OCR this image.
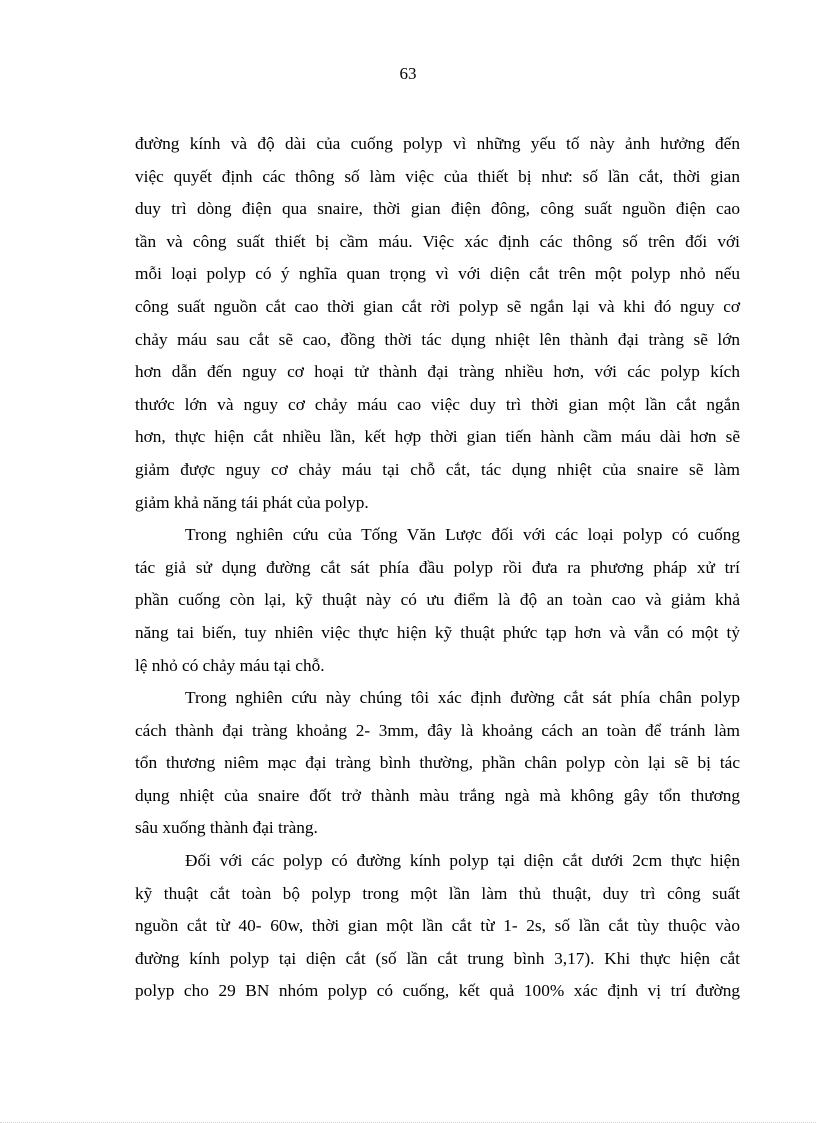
63
đường kính và độ dài của cuống polyp vì những yếu tố này ảnh hưởng đến
việc quyết định các thông số làm việc của thiết bị như: số lần cắt, thời gian
duy trì dòng điện qua snaire, thời gian điện đông, công suất nguồn điện cao
tần và công suất thiết bị cầm máu. Việc xác định các thông số trên đối với
mỗi loại polyp có ý nghĩa quan trọng vì với diện cắt trên một polyp nhỏ nếu
công suất nguồn cắt cao thời gian cắt rời polyp sẽ ngắn lại và khi đó nguy cơ
chảy máu sau cắt sẽ cao, đồng thời tác dụng nhiệt lên thành đại tràng sẽ lớn
hơn dẫn đến nguy cơ hoại tử thành đại tràng nhiều hơn, với các polyp kích
thước lớn và nguy cơ chảy máu cao việc duy trì thời gian một lần cắt ngắn
hơn, thực hiện cắt nhiều lần, kết hợp thời gian tiến hành cầm máu dài hơn sẽ
giảm được nguy cơ chảy máu tại chỗ cắt, tác dụng nhiệt của snaire sẽ làm
giảm khả năng tái phát của polyp.
Trong nghiên cứu của Tống Văn Lược đối với các loại polyp có cuống
tác giả sử dụng đường cắt sát phía đầu polyp rồi đưa ra phương pháp xử trí
phần cuống còn lại, kỹ thuật này có ưu điểm là độ an toàn cao và giảm khả
năng tai biến, tuy nhiên việc thực hiện kỹ thuật phức tạp hơn và vẫn có một tỷ
lệ nhỏ có chảy máu tại chỗ.
Trong nghiên cứu này chúng tôi xác định đường cắt sát phía chân polyp
cách thành đại tràng khoảng 2- 3mm, đây là khoảng cách an toàn để tránh làm
tổn thương niêm mạc đại tràng bình thường, phần chân polyp còn lại sẽ bị tác
dụng nhiệt của snaire đốt trở thành màu trắng ngà mà không gây tổn thương
sâu xuống thành đại tràng.
Đối với các polyp có đường kính polyp tại diện cắt dưới 2cm thực hiện
kỹ thuật cắt toàn bộ polyp trong một lần làm thủ thuật, duy trì công suất
nguồn cắt từ 40- 60w, thời gian một lần cắt từ 1- 2s, số lần cắt tùy thuộc vào
đường kính polyp tại diện cắt (số lần cắt trung bình 3,17). Khi thực hiện cắt
polyp cho 29 BN nhóm polyp có cuống, kết quả 100% xác định vị trí đường
